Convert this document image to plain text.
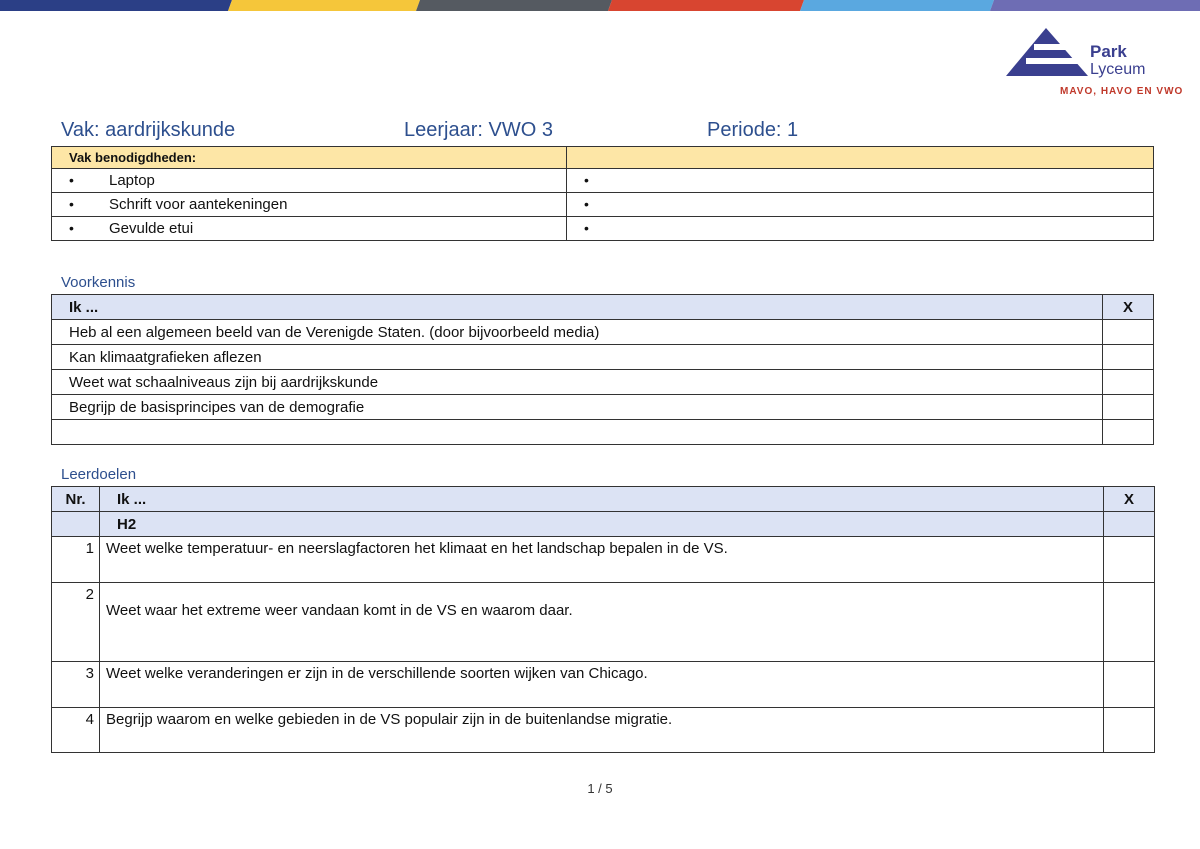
Park
Lyceum
MAVO, HAVO EN VWO
Vak: aardrijkskunde	Leerjaar: VWO 3	Periode: 1
Vak benodigdheden:	
• Laptop	•
• Schrift voor aantekeningen	•
• Gevulde etui	•
Voorkennis
Ik ...	X
Heb al een algemeen beeld van de Verenigde Staten. (door bijvoorbeeld media)	
Kan klimaatgrafieken aflezen	
Weet wat schaalniveaus zijn bij aardrijkskunde	
Begrijp de basisprincipes van de demografie	

Leerdoelen
Nr.	Ik ...	X
	H2	
1	Weet welke temperatuur- en neerslagfactoren het klimaat en het landschap bepalen in de VS.	
2	Weet waar het extreme weer vandaan komt in de VS en waarom daar.	
3	Weet welke veranderingen er zijn in de verschillende soorten wijken van Chicago.	
4	Begrijp waarom en welke gebieden in de VS populair zijn in de buitenlandse migratie.	
1 / 5
